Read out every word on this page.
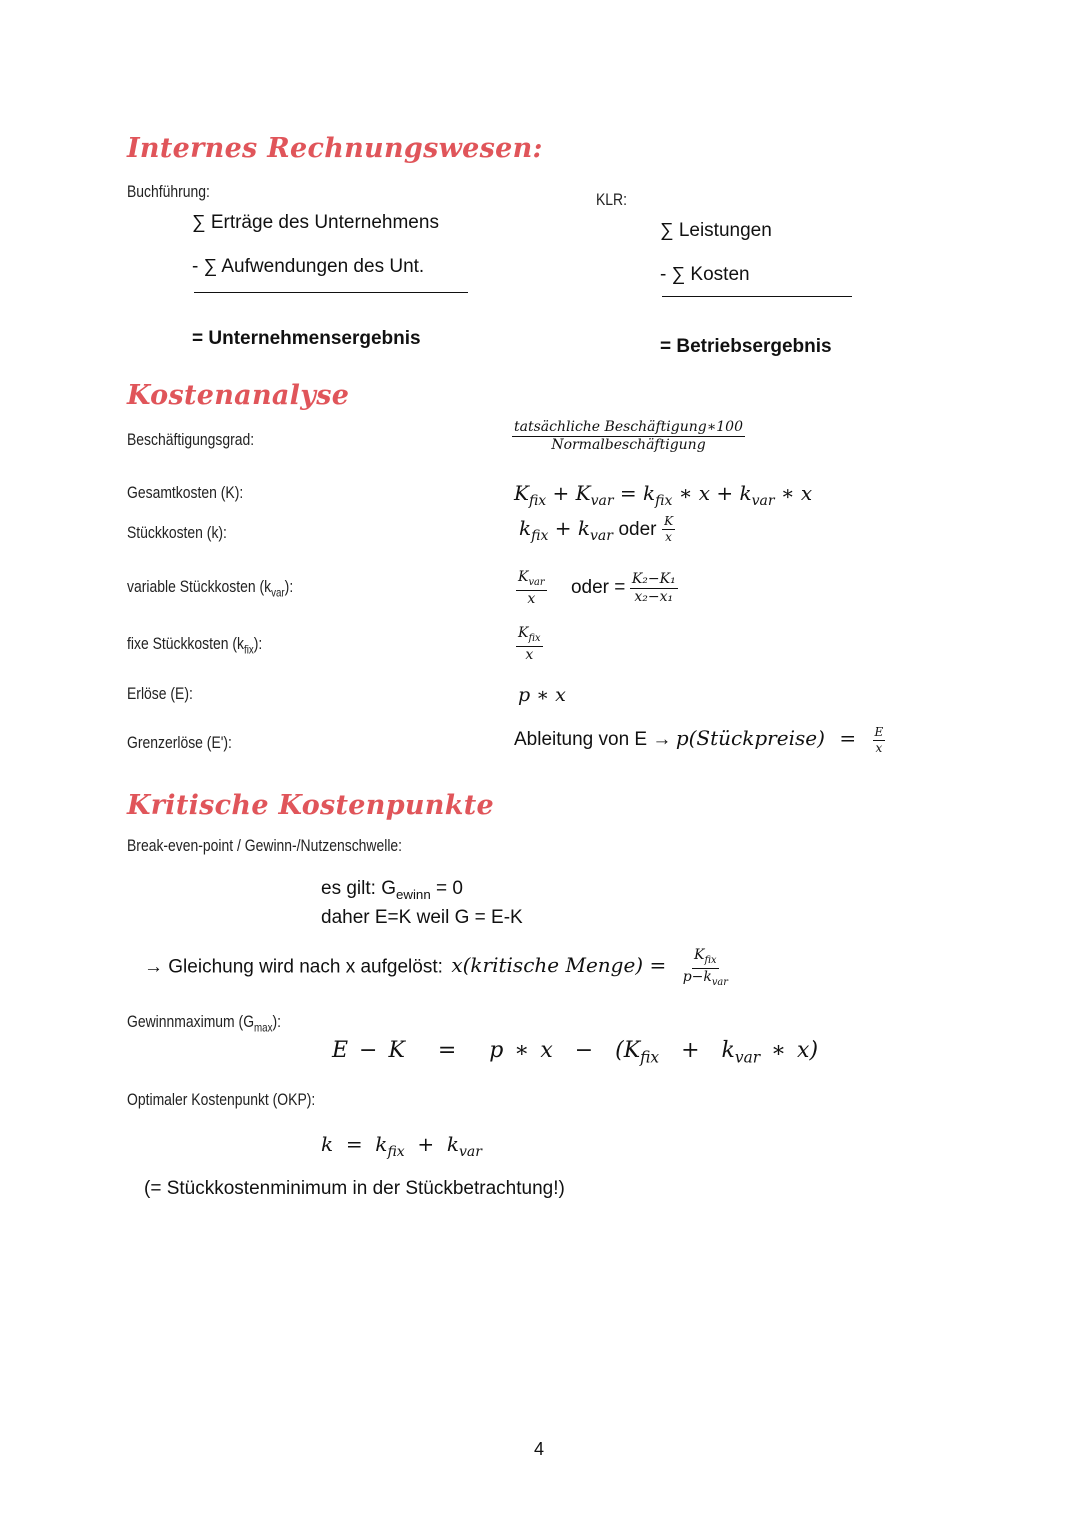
Internes Rechnungswesen:
Buchführung:
∑ Erträge des Unternehmens
- ∑ Aufwendungen des Unt.
= Unternehmensergebnis
KLR:
∑ Leistungen
- ∑ Kosten
= Betriebsergebnis
Kostenanalyse
Beschäftigungsgrad:	$\frac{\text{tatsächliche Beschäftigung∗100}}{\text{Normalbeschäftigung}}$
Gesamtkosten (K):	$K_{fix} + K_{var} = k_{fix}$ ∗ $x + k_{var}$ ∗ x
Stückkosten (k):	$k_{fix} + k_{var}$ oder $\frac{K}{x}$
variable Stückkosten $(k_{var})$:	$\frac{K_{var}}{x}$ oder = $\frac{\text{K₂−K₁}}{\text{x₂−x₁}}$
fixe Stückkosten $(k_{fix})$:	$\frac{K_{fix}}{x}$
Erlöse (E):	p ∗ x
Grenzerlöse (E'):	Ableitung von E → p(Stückpreise) = $\frac{E}{x}$
Kritische Kostenpunkte
Break-even-point / Gewinn-/Nutzenschwelle:
es gilt: $G_{ewinn} = 0$
daher E=K weil G = E-K
→ Gleichung wird nach x aufgelöst: x(kritische Menge) = $\frac{K_{fix}}{p-k_{var}}$
Gewinnmaximum $(G_{max})$:
E − K   =   p ∗ $x - (K_{fix} + k_{var}$ ∗ x)
Optimaler Kostenpunkt (OKP):
$k = k_{fix} + k_{var}$
(= Stückkostenminimum in der Stückbetrachtung!)
4
